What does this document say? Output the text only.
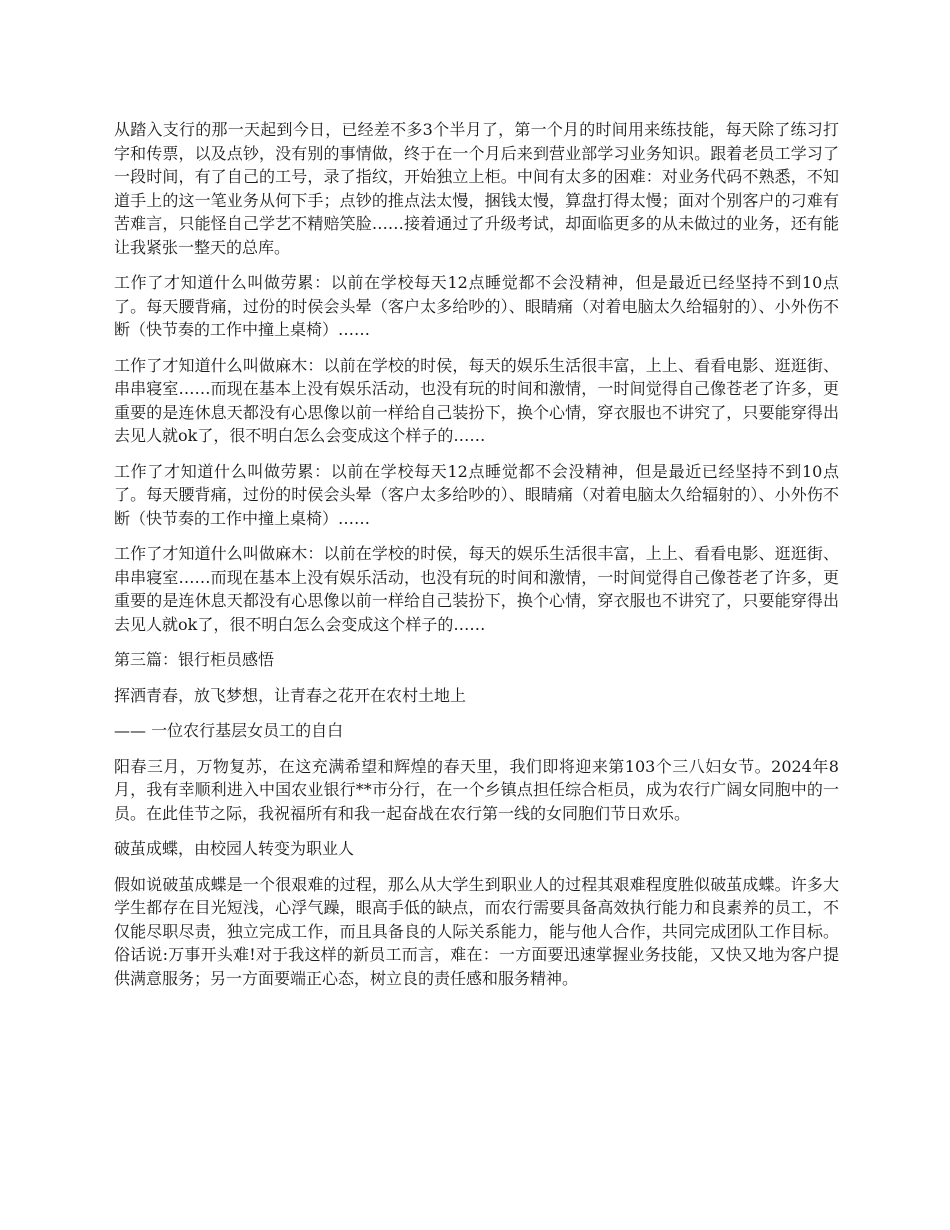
从踏入支行的那一天起到今日，已经差不多3个半月了，第一个月的时间用来练技能，每天除了练习打字和传票，以及点钞，没有别的事情做，终于在一个月后来到营业部学习业务知识。跟着老员工学习了一段时间，有了自己的工号，录了指纹，开始独立上柜。中间有太多的困难：对业务代码不熟悉，不知道手上的这一笔业务从何下手；点钞的推点法太慢，捆钱太慢，算盘打得太慢；面对个别客户的刁难有苦难言，只能怪自己学艺不精赔笑脸……接着通过了升级考试，却面临更多的从未做过的业务，还有能让我紧张一整天的总库。

工作了才知道什么叫做劳累：以前在学校每天12点睡觉都不会没精神，但是最近已经坚持不到10点了。每天腰背痛，过份的时侯会头晕（客户太多给吵的）、眼睛痛（对着电脑太久给辐射的）、小外伤不断（快节奏的工作中撞上桌椅）……

工作了才知道什么叫做麻木：以前在学校的时侯，每天的娱乐生活很丰富，上上、看看电影、逛逛街、串串寝室……而现在基本上没有娱乐活动，也没有玩的时间和激情，一时间觉得自己像苍老了许多，更重要的是连休息天都没有心思像以前一样给自己装扮下，换个心情，穿衣服也不讲究了，只要能穿得出去见人就ok了，很不明白怎么会变成这个样子的……

工作了才知道什么叫做劳累：以前在学校每天12点睡觉都不会没精神，但是最近已经坚持不到10点了。每天腰背痛，过份的时侯会头晕（客户太多给吵的）、眼睛痛（对着电脑太久给辐射的）、小外伤不断（快节奏的工作中撞上桌椅）……

工作了才知道什么叫做麻木：以前在学校的时侯，每天的娱乐生活很丰富，上上、看看电影、逛逛街、串串寝室……而现在基本上没有娱乐活动，也没有玩的时间和激情，一时间觉得自己像苍老了许多，更重要的是连休息天都没有心思像以前一样给自己装扮下，换个心情，穿衣服也不讲究了，只要能穿得出去见人就ok了，很不明白怎么会变成这个样子的……

第三篇：银行柜员感悟

挥洒青春，放飞梦想，让青春之花开在农村土地上

—— 一位农行基层女员工的自白

阳春三月，万物复苏，在这充满希望和辉煌的春天里，我们即将迎来第103个三八妇女节。2024年8月，我有幸顺利进入中国农业银行**市分行，在一个乡镇点担任综合柜员，成为农行广阔女同胞中的一员。在此佳节之际，我祝福所有和我一起奋战在农行第一线的女同胞们节日欢乐。

破茧成蝶，由校园人转变为职业人

假如说破茧成蝶是一个很艰难的过程，那么从大学生到职业人的过程其艰难程度胜似破茧成蝶。许多大学生都存在目光短浅，心浮气躁，眼高手低的缺点，而农行需要具备高效执行能力和良素养的员工，不仅能尽职尽责，独立完成工作，而且具备良的人际关系能力，能与他人合作，共同完成团队工作目标。俗话说:万事开头难!对于我这样的新员工而言，难在：一方面要迅速掌握业务技能，又快又地为客户提供满意服务；另一方面要端正心态，树立良的责任感和服务精神。
